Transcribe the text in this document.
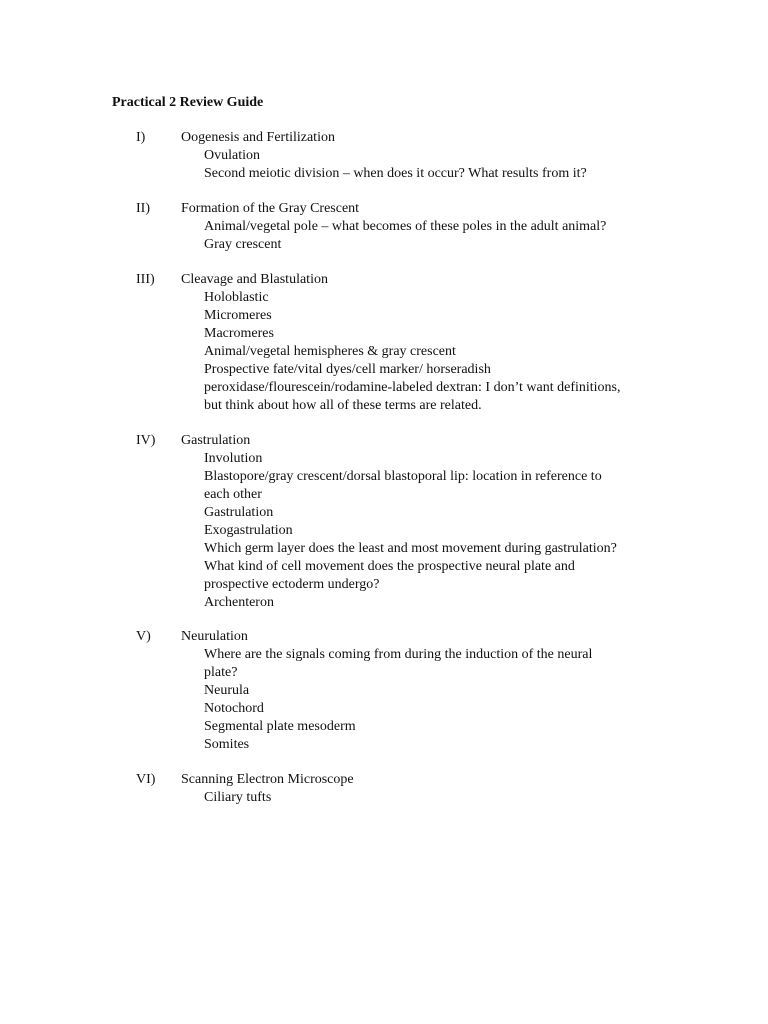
Practical 2 Review Guide
I)	Oogenesis and Fertilization
Ovulation
Second meiotic division – when does it occur? What results from it?
II) Formation of the Gray Crescent
Animal/vegetal pole – what becomes of these poles in the adult animal?
Gray crescent
III) Cleavage and Blastulation
Holoblastic
Micromeres
Macromeres
Animal/vegetal hemispheres & gray crescent
Prospective fate/vital dyes/cell marker/ horseradish
peroxidase/flourescein/rodamine-labeled dextran: I don’t want definitions,
but think about how all of these terms are related.
IV) Gastrulation
Involution
Blastopore/gray crescent/dorsal blastoporal lip: location in reference to
each other
Gastrulation
Exogastrulation
Which germ layer does the least and most movement during gastrulation?
What kind of cell movement does the prospective neural plate and
prospective ectoderm undergo?
Archenteron
V) Neurulation
Where are the signals coming from during the induction of the neural
plate?
Neurula
Notochord
Segmental plate mesoderm
Somites
VI) Scanning Electron Microscope
Ciliary tufts
